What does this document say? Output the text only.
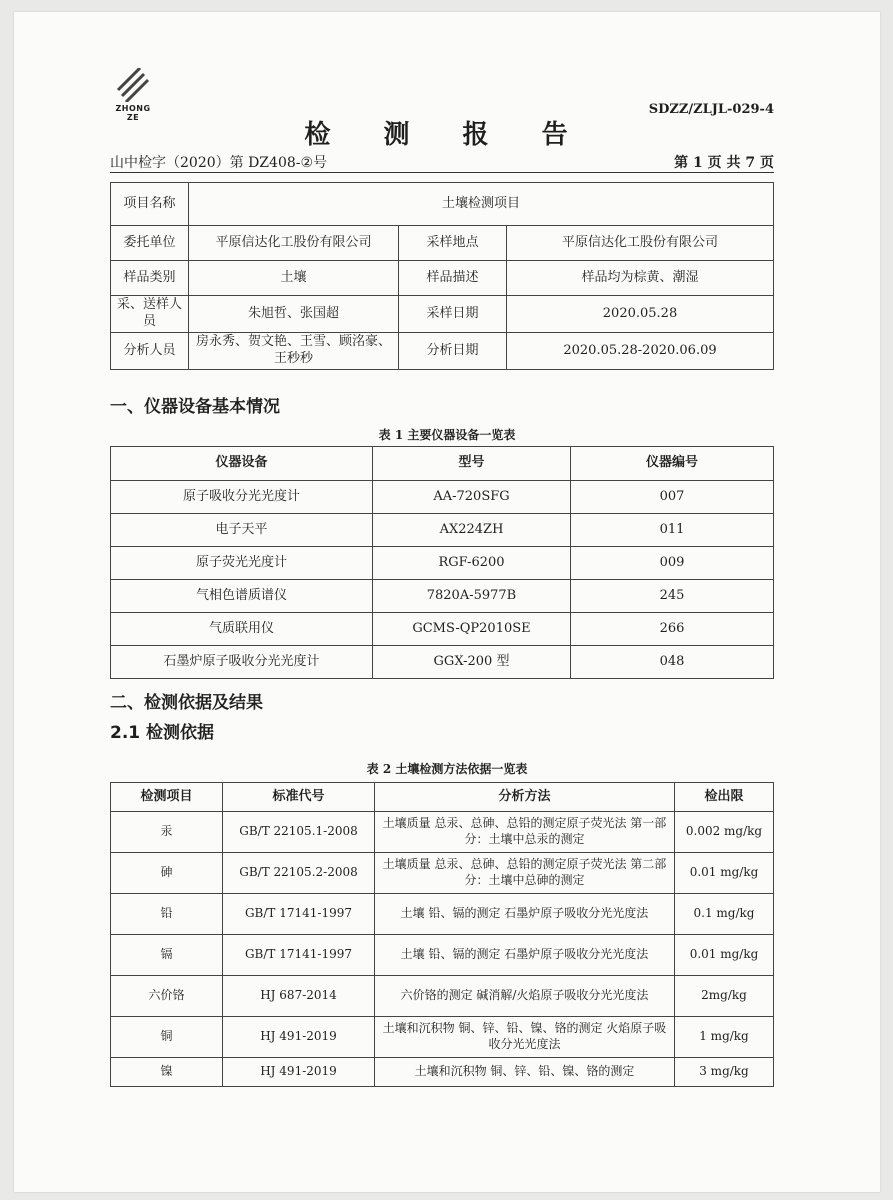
ZHONG ZE
SDZZ/ZLJL-029-4
检 测 报 告
山中检字（2020）第 DZ408-②号	第 1 页 共 7 页
项目名称	土壤检测项目		
委托单位	平原信达化工股份有限公司	采样地点	平原信达化工股份有限公司
样品类别	土壤	样品描述	样品均为棕黄、潮湿
采、送样人员	朱旭哲、张国超	采样日期	2020.05.28
分析人员	房永秀、贺文艳、王雪、顾洺豪、王秒秒	分析日期	2020.05.28-2020.06.09
一、仪器设备基本情况
表 1 主要仪器设备一览表
仪器设备	型号	仪器编号
原子吸收分光光度计	AA-720SFG	007
电子天平	AX224ZH	011
原子荧光光度计	RGF-6200	009
气相色谱质谱仪	7820A-5977B	245
气质联用仪	GCMS-QP2010SE	266
石墨炉原子吸收分光光度计	GGX-200 型	048
二、检测依据及结果
2.1 检测依据
表 2 土壤检测方法依据一览表
检测项目	标准代号	分析方法	检出限
汞	GB/T 22105.1-2008	土壤质量 总汞、总砷、总铅的测定原子荧光法 第一部分：土壤中总汞的测定	0.002 mg/kg
砷	GB/T 22105.2-2008	土壤质量 总汞、总砷、总铅的测定原子荧光法 第二部分：土壤中总砷的测定	0.01 mg/kg
铅	GB/T 17141-1997	土壤 铅、镉的测定 石墨炉原子吸收分光光度法	0.1 mg/kg
镉	GB/T 17141-1997	土壤 铅、镉的测定 石墨炉原子吸收分光光度法	0.01 mg/kg
六价铬	HJ 687-2014	六价铬的测定 碱消解/火焰原子吸收分光光度法	2mg/kg
铜	HJ 491-2019	土壤和沉积物 铜、锌、铅、镍、铬的测定 火焰原子吸收分光光度法	1 mg/kg
镍	HJ 491-2019	土壤和沉积物 铜、锌、铅、镍、铬的测定	3 mg/kg
